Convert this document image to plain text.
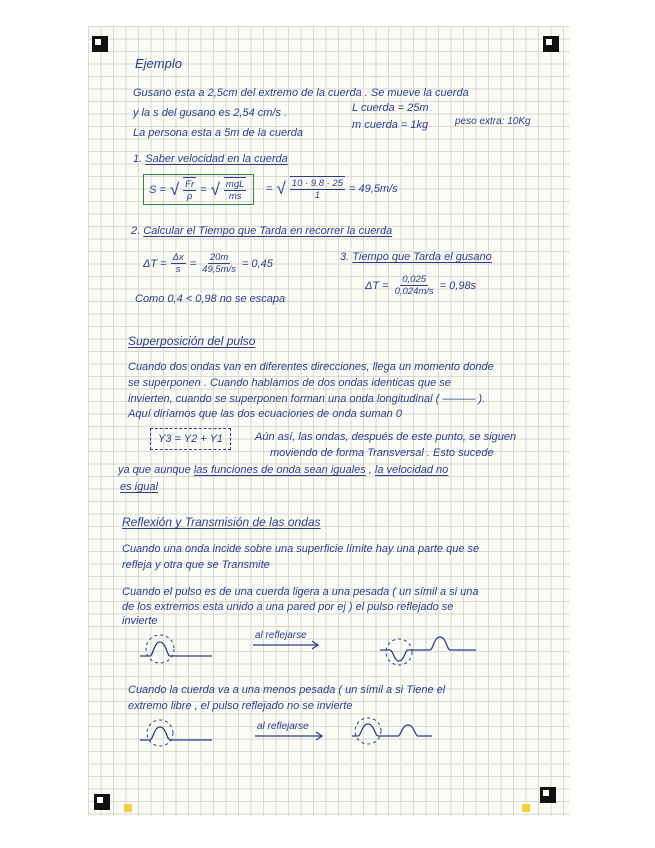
Ejemplo
Gusano esta a 2,5cm del extremo de la cuerda . Se mueve la cuerda
y la s del gusano es 2,54 cm/s .
La persona esta a 5m de la cuerda
L cuerda = 25m
m cuerda = 1kg	peso extra: 10Kg
1. Saber velocidad en la cuerda
S = √ $\frac{Fr}{\rho}$ = √ $\frac{\text{mgL}}{ms}$ = √ $\frac{10 \cdot 9.8 \cdot 25}{1} = 49,5m/s$
2. Calcular el Tiempo que Tarda en recorrer la cuerda
$\Delta T = \frac{\Delta x}{s} = \frac{20m}{49,5m/s} = 0,45$
3. Tiempo que Tarda el gusano
$\Delta T = \frac{0,025}{0,024m/s} = 0,98s$
Como 0,4 < 0,98 no se escapa
Superposición del pulso
Cuando dos ondas van en diferentes direcciones, llega un momento donde
se superponen . Cuando hablamos de dos ondas identicas que se
invierten, cuando se superponen forman una onda longitudinal ( ——— ).
Aquí diríamos que las dos ecuaciones de onda suman 0
Y3 = Y2 + Y1	Aún así, las ondas, después de este punto, se siguen
moviendo de forma Transversal . Esto sucede
ya que aunque las funciones de onda sean iguales , la velocidad no
es igual
Reflexión y Transmisión de las ondas
Cuando una onda incide sobre una superficie límite hay una parte que se
refleja y otra que se Transmite
Cuando el pulso es de una cuerda ligera a una pesada ( un símil a si una
de los extremos esta unido a una pared por ej ) el pulso reflejado se
invierte
al reflejarse
Cuando la cuerda va a una menos pesada ( un símil a si Tiene el
extremo libre , el pulso reflejado no se invierte
al reflejarse
